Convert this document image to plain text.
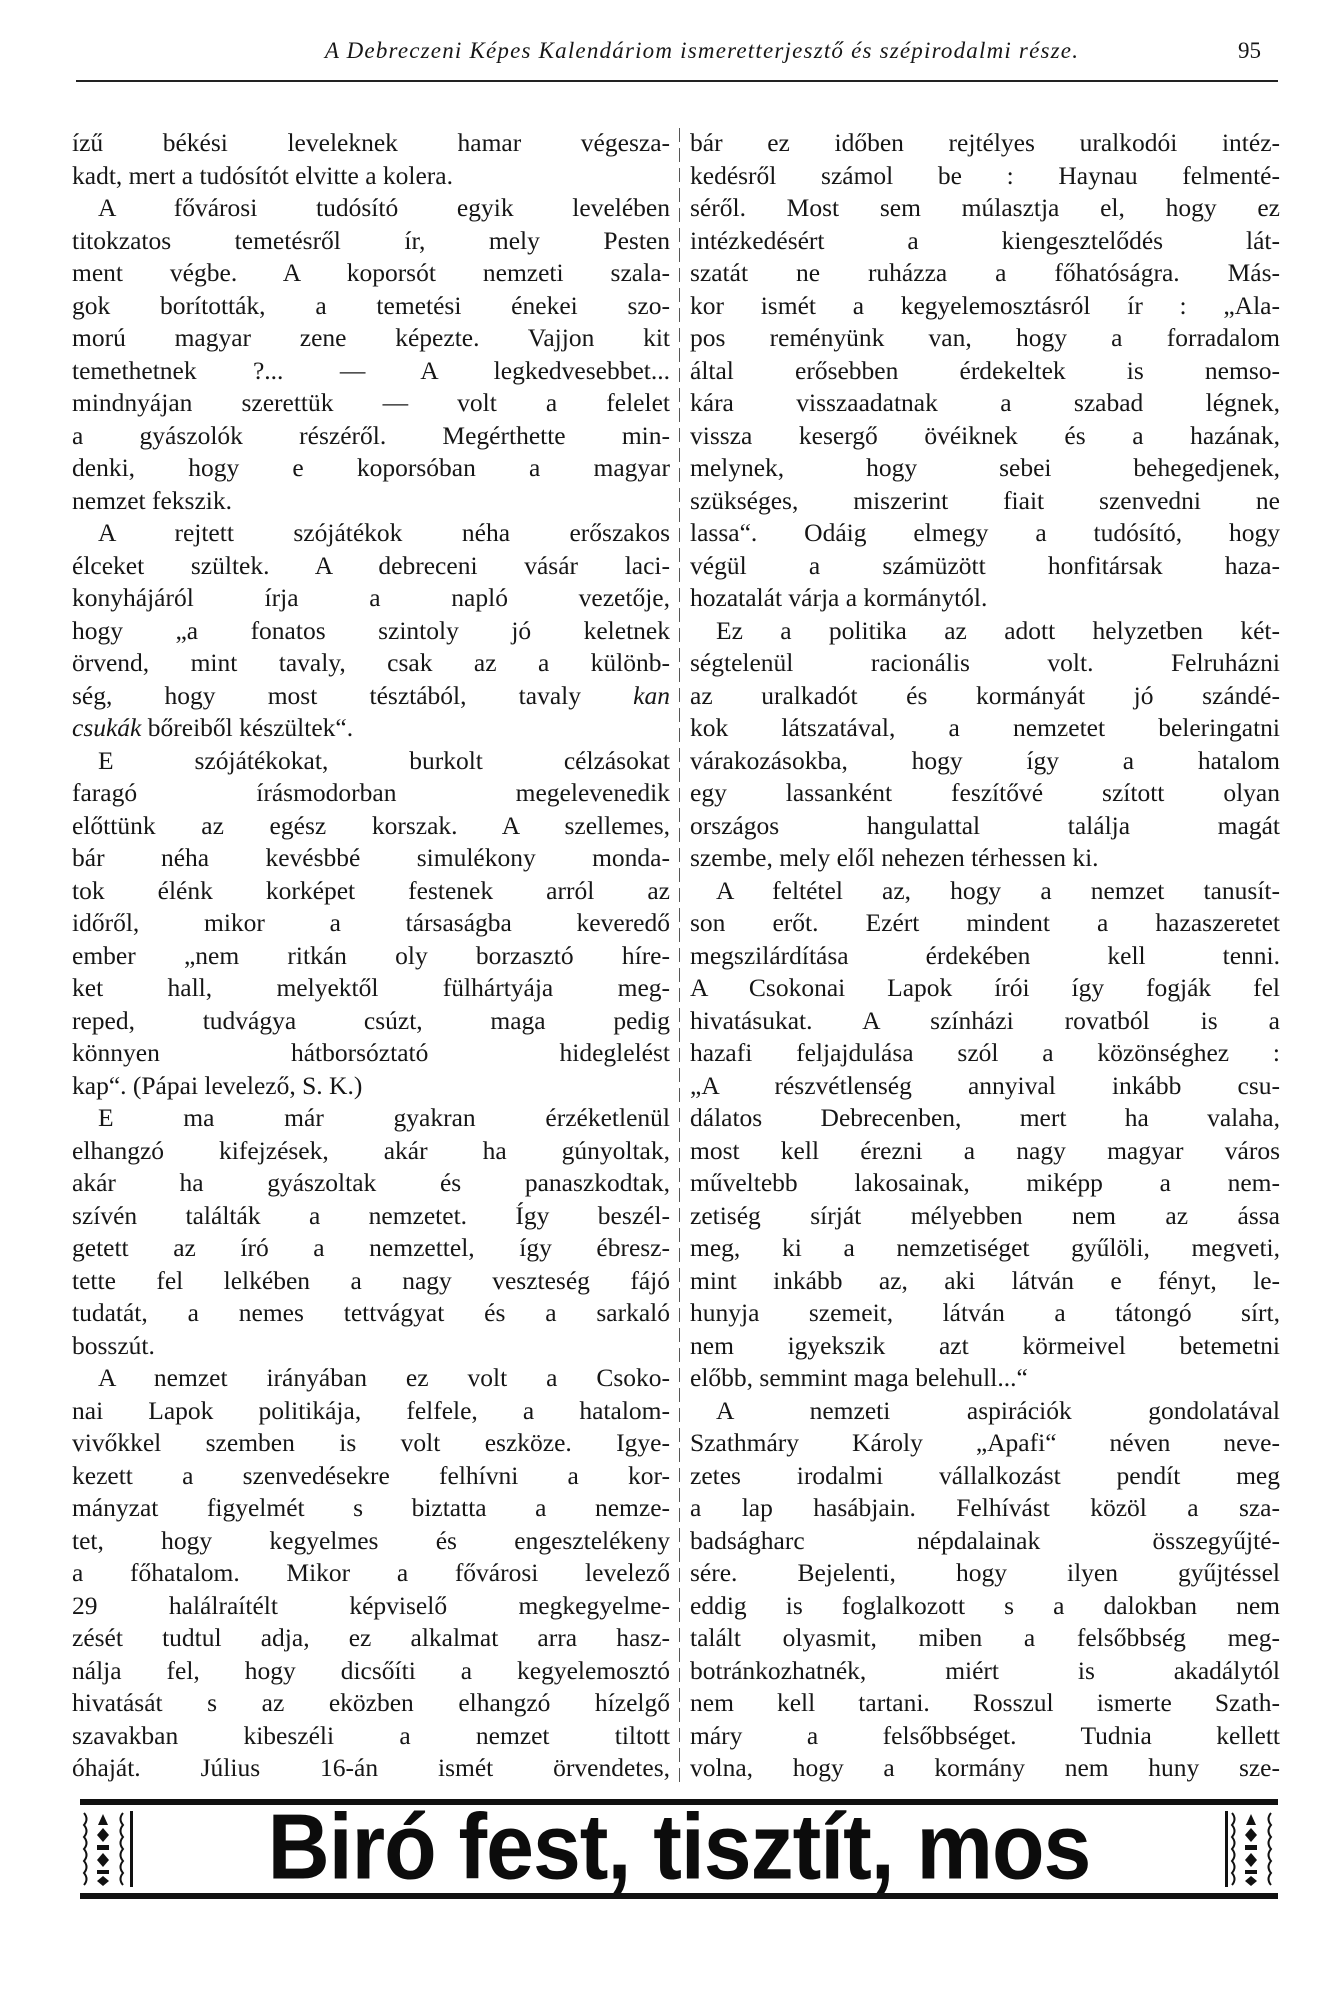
A Debreczeni Képes Kalendáriom ismeretterjesztő és szépirodalmi része.	95
ízű békési leveleknek hamar végesza-
kadt, mert a tudósítót elvitte a kolera.
A fővárosi tudósító egyik levelében
titokzatos temetésről ír, mely Pesten
ment végbe. A koporsót nemzeti szala-
gok borították, a temetési énekei szo-
morú magyar zene képezte. Vajjon kit
temethetnek ?... — A legkedvesebbet...
mindnyájan szerettük — volt a felelet
a gyászolók részéről. Megérthette min-
denki, hogy e koporsóban a magyar
nemzet fekszik.
A rejtett szójátékok néha erőszakos
élceket szültek. A debreceni vásár laci-
konyhájáról írja a napló vezetője,
hogy „a fonatos szintoly jó keletnek
örvend, mint tavaly, csak az a különb-
ség, hogy most tésztából, tavaly kan
csukák bőreiből készültek“.
E szójátékokat, burkolt célzásokat
faragó írásmodorban megelevenedik
előttünk az egész korszak. A szellemes,
bár néha kevésbbé simulékony monda-
tok élénk korképet festenek arról az
időről, mikor a társaságba keveredő
ember „nem ritkán oly borzasztó híre-
ket hall, melyektől fülhártyája meg-
reped, tudvágya csúzt, maga pedig
könnyen hátborsóztató hideglelést
kap“. (Pápai levelező, S. K.)
E ma már gyakran érzéketlenül
elhangzó kifejzések, akár ha gúnyoltak,
akár ha gyászoltak és panaszkodtak,
szívén találták a nemzetet. Így beszél-
getett az író a nemzettel, így ébresz-
tette fel lelkében a nagy veszteség fájó
tudatát, a nemes tettvágyat és a sarkaló
bosszút.
A nemzet irányában ez volt a Csoko-
nai Lapok politikája, felfele, a hatalom-
vivőkkel szemben is volt eszköze. Igye-
kezett a szenvedésekre felhívni a kor-
mányzat figyelmét s biztatta a nemze-
tet, hogy kegyelmes és engesztelékeny
a főhatalom. Mikor a fővárosi levelező
29 halálraítélt képviselő megkegyelme-
zését tudtul adja, ez alkalmat arra hasz-
nálja fel, hogy dicsőíti a kegyelemosztó
hivatását s az eközben elhangzó hízelgő
szavakban kibeszéli a nemzet tiltott
óhaját. Július 16-án ismét örvendetes,
bár ez időben rejtélyes uralkodói intéz-
kedésről számol be : Haynau felmenté-
séről. Most sem múlasztja el, hogy ez
intézkedésért a kiengesztelődés lát-
szatát ne ruházza a főhatóságra. Más-
kor ismét a kegyelemosztásról ír : „Ala-
pos reményünk van, hogy a forradalom
által erősebben érdekeltek is nemso-
kára visszaadatnak a szabad légnek,
vissza kesergő övéiknek és a hazának,
melynek, hogy sebei behegedjenek,
szükséges, miszerint fiait szenvedni ne
lassa“. Odáig elmegy a tudósító, hogy
végül a számüzött honfitársak haza-
hozatalát várja a kormánytól.
Ez a politika az adott helyzetben két-
ségtelenül racionális volt. Felruházni
az uralkadót és kormányát jó szándé-
kok látszatával, a nemzetet beleringatni
várakozásokba, hogy így a hatalom
egy lassanként feszítővé szított olyan
országos hangulattal találja magát
szembe, mely elől nehezen térhessen ki.
A feltétel az, hogy a nemzet tanusít-
son erőt. Ezért mindent a hazaszeretet
megszilárdítása érdekében kell tenni.
A Csokonai Lapok írói így fogják fel
hivatásukat. A színházi rovatból is a
hazafi feljajdulása szól a közönséghez :
„A részvétlenség annyival inkább csu-
dálatos Debrecenben, mert ha valaha,
most kell érezni a nagy magyar város
műveltebb lakosainak, miképp a nem-
zetiség sírját mélyebben nem az ássa
meg, ki a nemzetiséget gyűlöli, megveti,
mint inkább az, aki látván e fényt, le-
hunyja szemeit, látván a tátongó sírt,
nem igyekszik azt körmeivel betemetni
előbb, semmint maga belehull...“
A nemzeti aspirációk gondolatával
Szathmáry Károly „Apafi“ néven neve-
zetes irodalmi vállalkozást pendít meg
a lap hasábjain. Felhívást közöl a sza-
badságharc népdalainak összegyűjté-
sére. Bejelenti, hogy ilyen gyűjtéssel
eddig is foglalkozott s a dalokban nem
talált olyasmit, miben a felsőbbség meg-
botránkozhatnék, miért is akadálytól
nem kell tartani. Rosszul ismerte Szath-
máry a felsőbbséget. Tudnia kellett
volna, hogy a kormány nem huny sze-
Biró fest, tisztít, mos
